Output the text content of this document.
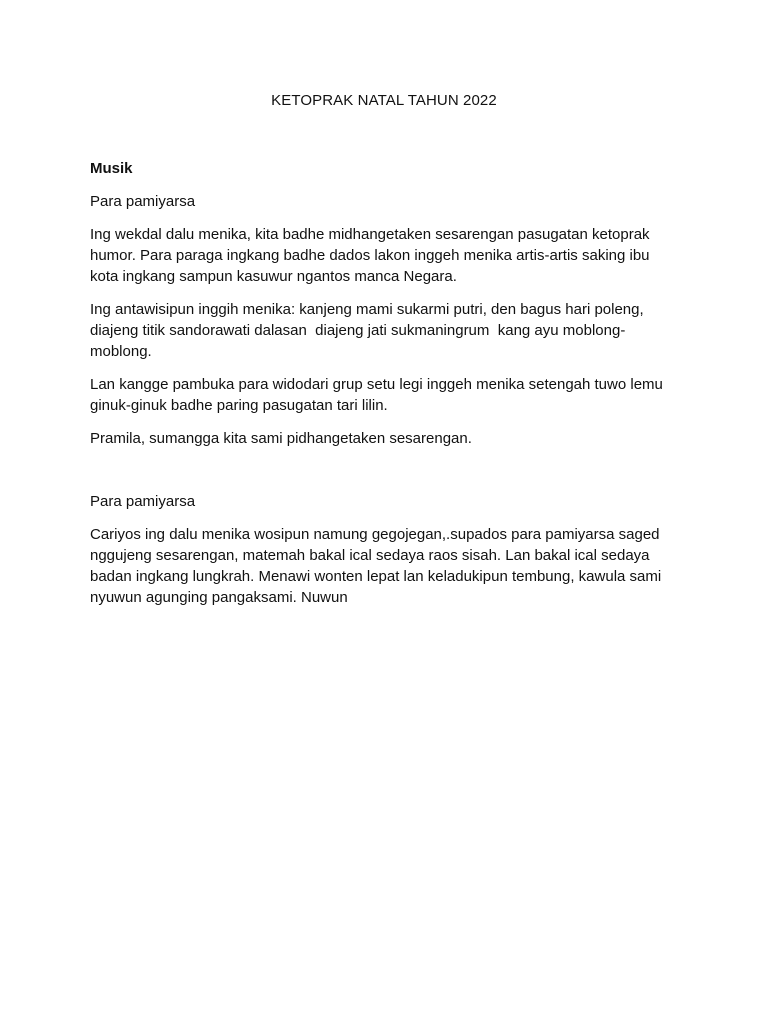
KETOPRAK NATAL TAHUN 2022

Musik

Para pamiyarsa

Ing wekdal dalu menika, kita badhe midhangetaken sesarengan pasugatan ketoprak humor. Para paraga ingkang badhe dados lakon inggeh menika artis-artis saking ibu kota ingkang sampun kasuwur ngantos manca Negara.

Ing antawisipun inggih menika: kanjeng mami sukarmi putri, den bagus hari poleng, diajeng titik sandorawati dalasan  diajeng jati sukmaningrum  kang ayu moblong-moblong.

Lan kangge pambuka para widodari grup setu legi inggeh menika setengah tuwo lemu ginuk-ginuk badhe paring pasugatan tari lilin.

Pramila, sumangga kita sami pidhangetaken sesarengan.

Para pamiyarsa

Cariyos ing dalu menika wosipun namung gegojegan,.supados para pamiyarsa saged nggujeng sesarengan, matemah bakal ical sedaya raos sisah. Lan bakal ical sedaya badan ingkang lungkrah. Menawi wonten lepat lan keladukipun tembung, kawula sami nyuwun agunging pangaksami. Nuwun
